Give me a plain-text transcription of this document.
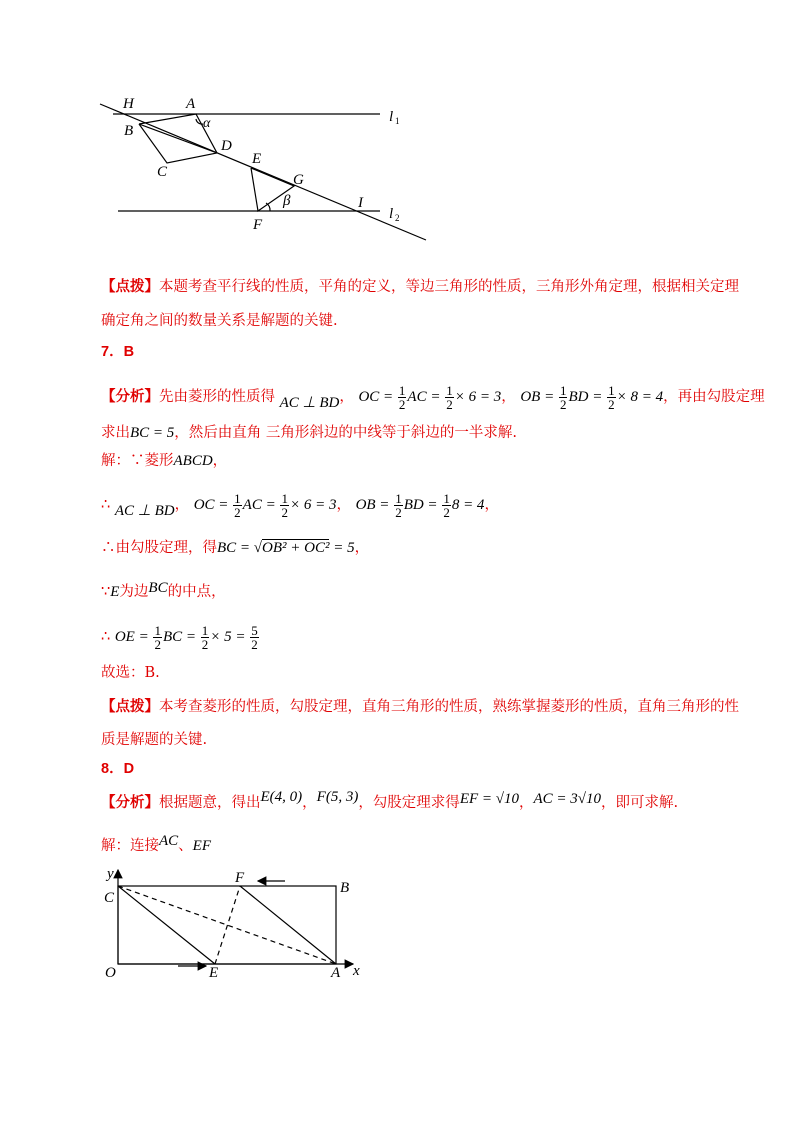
H	A
α	l 1
B
D
C
E
G
β	I
l 2
F
【点拨】本题考查平行线的性质，平角的定义，等边三角形的性质，三角形外角定理，根据相关定理
确定角之间的数量关系是解题的关键.
7．B
【分析】先由菱形的性质得 AC ⊥ BD， OC = $\frac{1}{2}$ AC = $\frac{1}{2} \times 6 = 3$， OB = $\frac{1}{2}$ BD = $\frac{1}{2} \times 8 = 4$，再由勾股定理
求出BC = 5，然后由直角 三角形斜边的中线等于斜边的一半求解.
解：∵菱形ABCD，
∴ AC ⊥ BD， OC = $\frac{1}{2}$ AC = $\frac{1}{2} \times 6 = 3$， OB = $\frac{1}{2}$ BD = $\frac{1}{2} 8 = 4$，
∴由勾股定理，得BC = √OB² + OC² = 5，
∵E为边BC的中点，
∴ OE = $\frac{1}{2}$ BC = $\frac{1}{2} \times 5 = \frac{5}{2}$
故选：B.
【点拨】本考查菱形的性质，勾股定理，直角三角形的性质，熟练掌握菱形的性质，直角三角形的性
质是解题的关键.
8．D
【分析】根据题意，得出E(4, 0)，F(5, 3)，勾股定理求得EF = √10，AC = 3√10，即可求解.
解：连接AC、EF
y
C
F
B
O	E	A x
